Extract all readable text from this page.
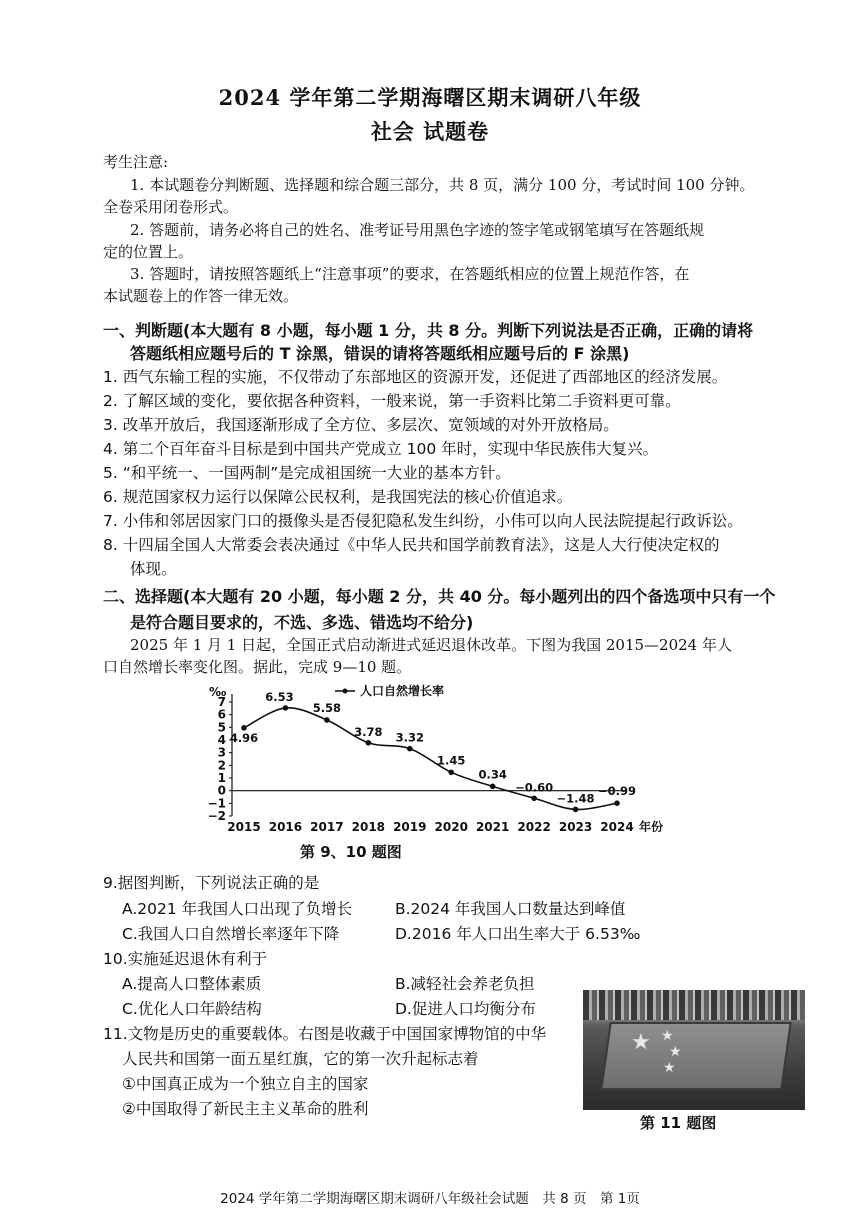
2024 学年第二学期海曙区期末调研八年级
社会 试题卷
考生注意:
1. 本试题卷分判断题、选择题和综合题三部分，共 8 页，满分 100 分，考试时间 100 分钟。
全卷采用闭卷形式。
2. 答题前，请务必将自己的姓名、准考证号用黑色字迹的签字笔或钢笔填写在答题纸规
定的位置上。
3. 答题时，请按照答题纸上“注意事项”的要求，在答题纸相应的位置上规范作答，在
本试题卷上的作答一律无效。
一、判断题(本大题有 8 小题，每小题 1 分，共 8 分。判断下列说法是否正确，正确的请将
答题纸相应题号后的 T 涂黑，错误的请将答题纸相应题号后的 F 涂黑)
1. 西气东输工程的实施，不仅带动了东部地区的资源开发，还促进了西部地区的经济发展。
2. 了解区域的变化，要依据各种资料，一般来说，第一手资料比第二手资料更可靠。
3. 改革开放后，我国逐渐形成了全方位、多层次、宽领域的对外开放格局。
4. 第二个百年奋斗目标是到中国共产党成立 100 年时，实现中华民族伟大复兴。
5. “和平统一、一国两制”是完成祖国统一大业的基本方针。
6. 规范国家权力运行以保障公民权利，是我国宪法的核心价值追求。
7. 小伟和邻居因家门口的摄像头是否侵犯隐私发生纠纷，小伟可以向人民法院提起行政诉讼。
8. 十四届全国人大常委会表决通过《中华人民共和国学前教育法》，这是人大行使决定权的
体现。
二、选择题(本大题有 20 小题，每小题 2 分，共 40 分。每小题列出的四个备选项中只有一个
是符合题目要求的，不选、多选、错选均不给分)
2025 年 1 月 1 日起，全国正式启动渐进式延迟退休改革。下图为我国 2015—2024 年人
口自然增长率变化图。据此，完成 9—10 题。
7
6
5
4
3
2
1
0
−1
−2
‰
2015 2016 2017 2018 2019 2020 2021 2022 2023 2024 年份
人口自然增长率
4.96
6.53
5.58
3.78 3.32
1.45
0.34
−0.60
−1.48
−0.99
第 9、10 题图
9.据图判断，下列说法正确的是
A.2021 年我国人口出现了负增长	B.2024 年我国人口数量达到峰值
C.我国人口自然增长率逐年下降	D.2016 年人口出生率大于 6.53‰
10.实施延迟退休有利于
A.提高人口整体素质	B.减轻社会养老负担
C.优化人口年龄结构	D.促进人口均衡分布
11.文物是历史的重要载体。右图是收藏于中国国家博物馆的中华
人民共和国第一面五星红旗，它的第一次升起标志着
①中国真正成为一个独立自主的国家
②中国取得了新民主主义革命的胜利
★ ★
★
★
第 11 题图
2024 学年第二学期海曙区期末调研八年级社会试题　共 8 页　第 1页
